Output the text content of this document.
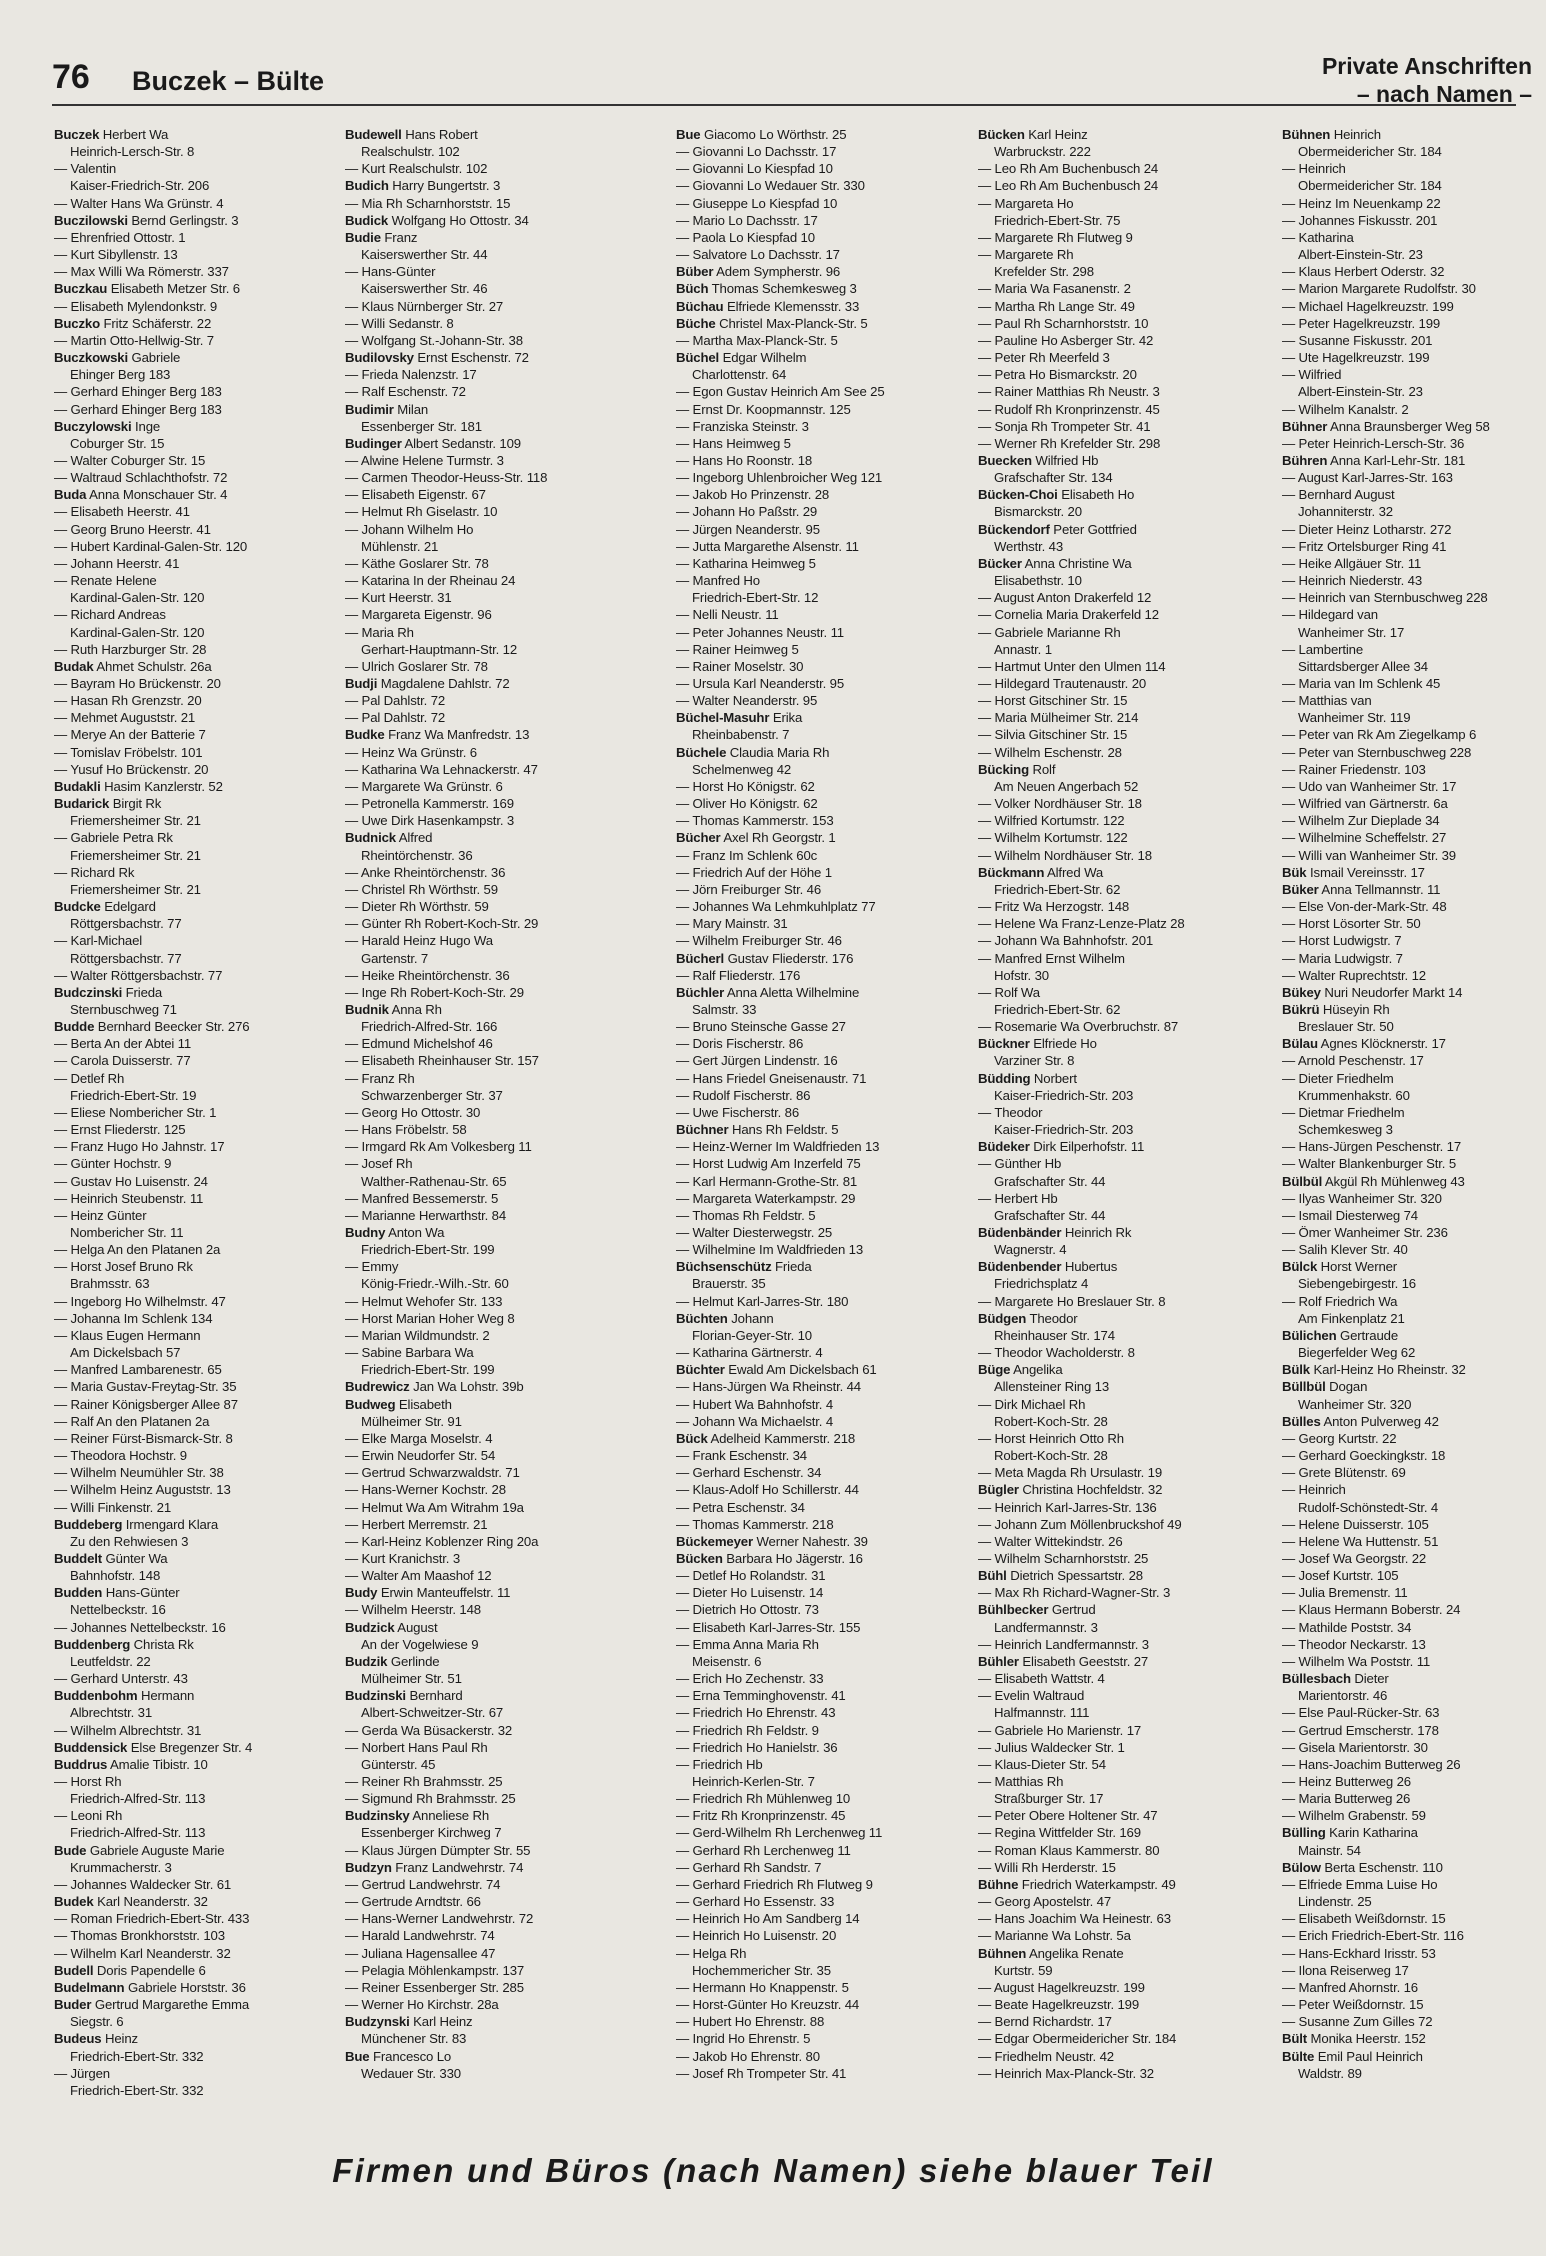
76 Buczek – Bülte	Private Anschriften
– nach Namen –
Buczek Herbert Wa
Heinrich-Lersch-Str. 8
— Valentin
Kaiser-Friedrich-Str. 206
— Walter Hans Wa Grünstr. 4
Buczilowski Bernd Gerlingstr. 3
— Ehrenfried Ottostr. 1
— Kurt Sibyllenstr. 13
— Max Willi Wa Römerstr. 337
Buczkau Elisabeth Metzer Str. 6
— Elisabeth Mylendonkstr. 9
Buczko Fritz Schäferstr. 22
— Martin Otto-Hellwig-Str. 7
Buczkowski Gabriele
Ehinger Berg 183
— Gerhard Ehinger Berg 183
— Gerhard Ehinger Berg 183
Buczylowski Inge
Coburger Str. 15
— Walter Coburger Str. 15
— Waltraud Schlachthofstr. 72
Buda Anna Monschauer Str. 4
— Elisabeth Heerstr. 41
— Georg Bruno Heerstr. 41
— Hubert Kardinal-Galen-Str. 120
— Johann Heerstr. 41
— Renate Helene
Kardinal-Galen-Str. 120
— Richard Andreas
Kardinal-Galen-Str. 120
— Ruth Harzburger Str. 28
Budak Ahmet Schulstr. 26a
— Bayram Ho Brückenstr. 20
— Hasan Rh Grenzstr. 20
— Mehmet Auguststr. 21
— Merye An der Batterie 7
— Tomislav Fröbelstr. 101
— Yusuf Ho Brückenstr. 20
Budakli Hasim Kanzlerstr. 52
Budarick Birgit Rk
Friemersheimer Str. 21
— Gabriele Petra Rk
Friemersheimer Str. 21
— Richard Rk
Friemersheimer Str. 21
Budcke Edelgard
Röttgersbachstr. 77
— Karl-Michael
Röttgersbachstr. 77
— Walter Röttgersbachstr. 77
Budczinski Frieda
Sternbuschweg 71
Budde Bernhard Beecker Str. 276
— Berta An der Abtei 11
— Carola Duisserstr. 77
— Detlef Rh
Friedrich-Ebert-Str. 19
— Eliese Nombericher Str. 1
— Ernst Fliederstr. 125
— Franz Hugo Ho Jahnstr. 17
— Günter Hochstr. 9
— Gustav Ho Luisenstr. 24
— Heinrich Steubenstr. 11
— Heinz Günter
Nombericher Str. 11
— Helga An den Platanen 2a
— Horst Josef Bruno Rk
Brahmsstr. 63
— Ingeborg Ho Wilhelmstr. 47
— Johanna Im Schlenk 134
— Klaus Eugen Hermann
Am Dickelsbach 57
— Manfred Lambarenestr. 65
— Maria Gustav-Freytag-Str. 35
— Rainer Königsberger Allee 87
— Ralf An den Platanen 2a
— Reiner Fürst-Bismarck-Str. 8
— Theodora Hochstr. 9
— Wilhelm Neumühler Str. 38
— Wilhelm Heinz Auguststr. 13
— Willi Finkenstr. 21
Buddeberg Irmengard Klara
Zu den Rehwiesen 3
Buddelt Günter Wa
Bahnhofstr. 148
Budden Hans-Günter
Nettelbeckstr. 16
— Johannes Nettelbeckstr. 16
Buddenberg Christa Rk
Leutfeldstr. 22
— Gerhard Unterstr. 43
Buddenbohm Hermann
Albrechtstr. 31
— Wilhelm Albrechtstr. 31
Buddensick Else Bregenzer Str. 4
Buddrus Amalie Tibistr. 10
— Horst Rh
Friedrich-Alfred-Str. 113
— Leoni Rh
Friedrich-Alfred-Str. 113
Bude Gabriele Auguste Marie
Krummacherstr. 3
— Johannes Waldecker Str. 61
Budek Karl Neanderstr. 32
— Roman Friedrich-Ebert-Str. 433
— Thomas Bronkhorststr. 103
— Wilhelm Karl Neanderstr. 32
Budell Doris Papendelle 6
Budelmann Gabriele Horststr. 36
Buder Gertrud Margarethe Emma
Siegstr. 6
Budeus Heinz
Friedrich-Ebert-Str. 332
— Jürgen
Friedrich-Ebert-Str. 332
Budewell Hans Robert
Realschulstr. 102
— Kurt Realschulstr. 102
Budich Harry Bungertstr. 3
— Mia Rh Scharnhorststr. 15
Budick Wolfgang Ho Ottostr. 34
Budie Franz
Kaiserswerther Str. 44
— Hans-Günter
Kaiserswerther Str. 46
— Klaus Nürnberger Str. 27
— Willi Sedanstr. 8
— Wolfgang St.-Johann-Str. 38
Budilovsky Ernst Eschenstr. 72
— Frieda Nalenzstr. 17
— Ralf Eschenstr. 72
Budimir Milan
Essenberger Str. 181
Budinger Albert Sedanstr. 109
— Alwine Helene Turmstr. 3
— Carmen Theodor-Heuss-Str. 118
— Elisabeth Eigenstr. 67
— Helmut Rh Giselastr. 10
— Johann Wilhelm Ho
Mühlenstr. 21
— Käthe Goslarer Str. 78
— Katarina In der Rheinau 24
— Kurt Heerstr. 31
— Margareta Eigenstr. 96
— Maria Rh
Gerhart-Hauptmann-Str. 12
— Ulrich Goslarer Str. 78
Budji Magdalene Dahlstr. 72
— Pal Dahlstr. 72
— Pal Dahlstr. 72
Budke Franz Wa Manfredstr. 13
— Heinz Wa Grünstr. 6
— Katharina Wa Lehnackerstr. 47
— Margarete Wa Grünstr. 6
— Petronella Kammerstr. 169
— Uwe Dirk Hasenkampstr. 3
Budnick Alfred
Rheintörchenstr. 36
— Anke Rheintörchenstr. 36
— Christel Rh Wörthstr. 59
— Dieter Rh Wörthstr. 59
— Günter Rh Robert-Koch-Str. 29
— Harald Heinz Hugo Wa
Gartenstr. 7
— Heike Rheintörchenstr. 36
— Inge Rh Robert-Koch-Str. 29
Budnik Anna Rh
Friedrich-Alfred-Str. 166
— Edmund Michelshof 46
— Elisabeth Rheinhauser Str. 157
— Franz Rh
Schwarzenberger Str. 37
— Georg Ho Ottostr. 30
— Hans Fröbelstr. 58
— Irmgard Rk Am Volkesberg 11
— Josef Rh
Walther-Rathenau-Str. 65
— Manfred Bessemerstr. 5
— Marianne Herwarthstr. 84
Budny Anton Wa
Friedrich-Ebert-Str. 199
— Emmy
König-Friedr.-Wilh.-Str. 60
— Helmut Wehofer Str. 133
— Horst Marian Hoher Weg 8
— Marian Wildmundstr. 2
— Sabine Barbara Wa
Friedrich-Ebert-Str. 199
Budrewicz Jan Wa Lohstr. 39b
Budweg Elisabeth
Mülheimer Str. 91
— Elke Marga Moselstr. 4
— Erwin Neudorfer Str. 54
— Gertrud Schwarzwaldstr. 71
— Hans-Werner Kochstr. 28
— Helmut Wa Am Witrahm 19a
— Herbert Merremstr. 21
— Karl-Heinz Koblenzer Ring 20a
— Kurt Kranichstr. 3
— Walter Am Maashof 12
Budy Erwin Manteuffelstr. 11
— Wilhelm Heerstr. 148
Budzick August
An der Vogelwiese 9
Budzik Gerlinde
Mülheimer Str. 51
Budzinski Bernhard
Albert-Schweitzer-Str. 67
— Gerda Wa Büsackerstr. 32
— Norbert Hans Paul Rh
Günterstr. 45
— Reiner Rh Brahmsstr. 25
— Sigmund Rh Brahmsstr. 25
Budzinsky Anneliese Rh
Essenberger Kirchweg 7
— Klaus Jürgen Dümpter Str. 55
Budzyn Franz Landwehrstr. 74
— Gertrud Landwehrstr. 74
— Gertrude Arndtstr. 66
— Hans-Werner Landwehrstr. 72
— Harald Landwehrstr. 74
— Juliana Hagensallee 47
— Pelagia Möhlenkampstr. 137
— Reiner Essenberger Str. 285
— Werner Ho Kirchstr. 28a
Budzynski Karl Heinz
Münchener Str. 83
Bue Francesco Lo
Wedauer Str. 330
Bue Giacomo Lo Wörthstr. 25
— Giovanni Lo Dachsstr. 17
— Giovanni Lo Kiespfad 10
— Giovanni Lo Wedauer Str. 330
— Giuseppe Lo Kiespfad 10
— Mario Lo Dachsstr. 17
— Paola Lo Kiespfad 10
— Salvatore Lo Dachsstr. 17
Büber Adem Sympherstr. 96
Büch Thomas Schemkesweg 3
Büchau Elfriede Klemensstr. 33
Büche Christel Max-Planck-Str. 5
— Martha Max-Planck-Str. 5
Büchel Edgar Wilhelm
Charlottenstr. 64
— Egon Gustav Heinrich Am See 25
— Ernst Dr. Koopmannstr. 125
— Franziska Steinstr. 3
— Hans Heimweg 5
— Hans Ho Roonstr. 18
— Ingeborg Uhlenbroicher Weg 121
— Jakob Ho Prinzenstr. 28
— Johann Ho Paßstr. 29
— Jürgen Neanderstr. 95
— Jutta Margarethe Alsenstr. 11
— Katharina Heimweg 5
— Manfred Ho
Friedrich-Ebert-Str. 12
— Nelli Neustr. 11
— Peter Johannes Neustr. 11
— Rainer Heimweg 5
— Rainer Moselstr. 30
— Ursula Karl Neanderstr. 95
— Walter Neanderstr. 95
Büchel-Masuhr Erika
Rheinbabenstr. 7
Büchele Claudia Maria Rh
Schelmenweg 42
— Horst Ho Königstr. 62
— Oliver Ho Königstr. 62
— Thomas Kammerstr. 153
Bücher Axel Rh Georgstr. 1
— Franz Im Schlenk 60c
— Friedrich Auf der Höhe 1
— Jörn Freiburger Str. 46
— Johannes Wa Lehmkuhlplatz 77
— Mary Mainstr. 31
— Wilhelm Freiburger Str. 46
Bücherl Gustav Fliederstr. 176
— Ralf Fliederstr. 176
Büchler Anna Aletta Wilhelmine
Salmstr. 33
— Bruno Steinsche Gasse 27
— Doris Fischerstr. 86
— Gert Jürgen Lindenstr. 16
— Hans Friedel Gneisenaustr. 71
— Rudolf Fischerstr. 86
— Uwe Fischerstr. 86
Büchner Hans Rh Feldstr. 5
— Heinz-Werner Im Waldfrieden 13
— Horst Ludwig Am Inzerfeld 75
— Karl Hermann-Grothe-Str. 81
— Margareta Waterkampstr. 29
— Thomas Rh Feldstr. 5
— Walter Diesterwegstr. 25
— Wilhelmine Im Waldfrieden 13
Büchsenschütz Frieda
Brauerstr. 35
— Helmut Karl-Jarres-Str. 180
Büchten Johann
Florian-Geyer-Str. 10
— Katharina Gärtnerstr. 4
Büchter Ewald Am Dickelsbach 61
— Hans-Jürgen Wa Rheinstr. 44
— Hubert Wa Bahnhofstr. 4
— Johann Wa Michaelstr. 4
Bück Adelheid Kammerstr. 218
— Frank Eschenstr. 34
— Gerhard Eschenstr. 34
— Klaus-Adolf Ho Schillerstr. 44
— Petra Eschenstr. 34
— Thomas Kammerstr. 218
Bückemeyer Werner Nahestr. 39
Bücken Barbara Ho Jägerstr. 16
— Detlef Ho Rolandstr. 31
— Dieter Ho Luisenstr. 14
— Dietrich Ho Ottostr. 73
— Elisabeth Karl-Jarres-Str. 155
— Emma Anna Maria Rh
Meisenstr. 6
— Erich Ho Zechenstr. 33
— Erna Temminghovenstr. 41
— Friedrich Ho Ehrenstr. 43
— Friedrich Rh Feldstr. 9
— Friedrich Ho Hanielstr. 36
— Friedrich Hb
Heinrich-Kerlen-Str. 7
— Friedrich Rh Mühlenweg 10
— Fritz Rh Kronprinzenstr. 45
— Gerd-Wilhelm Rh Lerchenweg 11
— Gerhard Rh Lerchenweg 11
— Gerhard Rh Sandstr. 7
— Gerhard Friedrich Rh Flutweg 9
— Gerhard Ho Essenstr. 33
— Heinrich Ho Am Sandberg 14
— Heinrich Ho Luisenstr. 20
— Helga Rh
Hochemmericher Str. 35
— Hermann Ho Knappenstr. 5
— Horst-Günter Ho Kreuzstr. 44
— Hubert Ho Ehrenstr. 88
— Ingrid Ho Ehrenstr. 5
— Jakob Ho Ehrenstr. 80
— Josef Rh Trompeter Str. 41
Bücken Karl Heinz
Warbruckstr. 222
— Leo Rh Am Buchenbusch 24
— Leo Rh Am Buchenbusch 24
— Margareta Ho
Friedrich-Ebert-Str. 75
— Margarete Rh Flutweg 9
— Margarete Rh
Krefelder Str. 298
— Maria Wa Fasanenstr. 2
— Martha Rh Lange Str. 49
— Paul Rh Scharnhorststr. 10
— Pauline Ho Asberger Str. 42
— Peter Rh Meerfeld 3
— Petra Ho Bismarckstr. 20
— Rainer Matthias Rh Neustr. 3
— Rudolf Rh Kronprinzenstr. 45
— Sonja Rh Trompeter Str. 41
— Werner Rh Krefelder Str. 298
Buecken Wilfried Hb
Grafschafter Str. 134
Bücken-Choi Elisabeth Ho
Bismarckstr. 20
Bückendorf Peter Gottfried
Werthstr. 43
Bücker Anna Christine Wa
Elisabethstr. 10
— August Anton Drakerfeld 12
— Cornelia Maria Drakerfeld 12
— Gabriele Marianne Rh
Annastr. 1
— Hartmut Unter den Ulmen 114
— Hildegard Trautenaustr. 20
— Horst Gitschiner Str. 15
— Maria Mülheimer Str. 214
— Silvia Gitschiner Str. 15
— Wilhelm Eschenstr. 28
Bücking Rolf
Am Neuen Angerbach 52
— Volker Nordhäuser Str. 18
— Wilfried Kortumstr. 122
— Wilhelm Kortumstr. 122
— Wilhelm Nordhäuser Str. 18
Bückmann Alfred Wa
Friedrich-Ebert-Str. 62
— Fritz Wa Herzogstr. 148
— Helene Wa Franz-Lenze-Platz 28
— Johann Wa Bahnhofstr. 201
— Manfred Ernst Wilhelm
Hofstr. 30
— Rolf Wa
Friedrich-Ebert-Str. 62
— Rosemarie Wa Overbruchstr. 87
Bückner Elfriede Ho
Varziner Str. 8
Büdding Norbert
Kaiser-Friedrich-Str. 203
— Theodor
Kaiser-Friedrich-Str. 203
Büdeker Dirk Eilperhofstr. 11
— Günther Hb
Grafschafter Str. 44
— Herbert Hb
Grafschafter Str. 44
Büdenbänder Heinrich Rk
Wagnerstr. 4
Büdenbender Hubertus
Friedrichsplatz 4
— Margarete Ho Breslauer Str. 8
Büdgen Theodor
Rheinhauser Str. 174
— Theodor Wacholderstr. 8
Büge Angelika
Allensteiner Ring 13
— Dirk Michael Rh
Robert-Koch-Str. 28
— Horst Heinrich Otto Rh
Robert-Koch-Str. 28
— Meta Magda Rh Ursulastr. 19
Bügler Christina Hochfeldstr. 32
— Heinrich Karl-Jarres-Str. 136
— Johann Zum Möllenbruckshof 49
— Walter Wittekindstr. 26
— Wilhelm Scharnhorststr. 25
Bühl Dietrich Spessartstr. 28
— Max Rh Richard-Wagner-Str. 3
Bühlbecker Gertrud
Landfermannstr. 3
— Heinrich Landfermannstr. 3
Bühler Elisabeth Geeststr. 27
— Elisabeth Wattstr. 4
— Evelin Waltraud
Halfmannstr. 111
— Gabriele Ho Marienstr. 17
— Julius Waldecker Str. 1
— Klaus-Dieter Str. 54
— Matthias Rh
Straßburger Str. 17
— Peter Obere Holtener Str. 47
— Regina Wittfelder Str. 169
— Roman Klaus Kammerstr. 80
— Willi Rh Herderstr. 15
Bühne Friedrich Waterkampstr. 49
— Georg Apostelstr. 47
— Hans Joachim Wa Heinestr. 63
— Marianne Wa Lohstr. 5a
Bühnen Angelika Renate
Kurtstr. 59
— August Hagelkreuzstr. 199
— Beate Hagelkreuzstr. 199
— Bernd Richardstr. 17
— Edgar Obermeidericher Str. 184
— Friedhelm Neustr. 42
— Heinrich Max-Planck-Str. 32
Bühnen Heinrich
Obermeidericher Str. 184
— Heinrich
Obermeidericher Str. 184
— Heinz Im Neuenkamp 22
— Johannes Fiskusstr. 201
— Katharina
Albert-Einstein-Str. 23
— Klaus Herbert Oderstr. 32
— Marion Margarete Rudolfstr. 30
— Michael Hagelkreuzstr. 199
— Peter Hagelkreuzstr. 199
— Susanne Fiskusstr. 201
— Ute Hagelkreuzstr. 199
— Wilfried
Albert-Einstein-Str. 23
— Wilhelm Kanalstr. 2
Bühner Anna Braunsberger Weg 58
— Peter Heinrich-Lersch-Str. 36
Bühren Anna Karl-Lehr-Str. 181
— August Karl-Jarres-Str. 163
— Bernhard August
Johanniterstr. 32
— Dieter Heinz Lotharstr. 272
— Fritz Ortelsburger Ring 41
— Heike Allgäuer Str. 11
— Heinrich Niederstr. 43
— Heinrich van Sternbuschweg 228
— Hildegard van
Wanheimer Str. 17
— Lambertine
Sittardsberger Allee 34
— Maria van Im Schlenk 45
— Matthias van
Wanheimer Str. 119
— Peter van Rk Am Ziegelkamp 6
— Peter van Sternbuschweg 228
— Rainer Friedenstr. 103
— Udo van Wanheimer Str. 17
— Wilfried van Gärtnerstr. 6a
— Wilhelm Zur Dieplade 34
— Wilhelmine Scheffelstr. 27
— Willi van Wanheimer Str. 39
Bük Ismail Vereinsstr. 17
Büker Anna Tellmannstr. 11
— Else Von-der-Mark-Str. 48
— Horst Lösorter Str. 50
— Horst Ludwigstr. 7
— Maria Ludwigstr. 7
— Walter Ruprechtstr. 12
Bükey Nuri Neudorfer Markt 14
Bükrü Hüseyin Rh
Breslauer Str. 50
Bülau Agnes Klöcknerstr. 17
— Arnold Peschenstr. 17
— Dieter Friedhelm
Krummenhakstr. 60
— Dietmar Friedhelm
Schemkesweg 3
— Hans-Jürgen Peschenstr. 17
— Walter Blankenburger Str. 5
Bülbül Akgül Rh Mühlenweg 43
— Ilyas Wanheimer Str. 320
— Ismail Diesterweg 74
— Ömer Wanheimer Str. 236
— Salih Klever Str. 40
Bülck Horst Werner
Siebengebirgestr. 16
— Rolf Friedrich Wa
Am Finkenplatz 21
Bülichen Gertraude
Biegerfelder Weg 62
Bülk Karl-Heinz Ho Rheinstr. 32
Büllbül Dogan
Wanheimer Str. 320
Bülles Anton Pulverweg 42
— Georg Kurtstr. 22
— Gerhard Goeckingkstr. 18
— Grete Blütenstr. 69
— Heinrich
Rudolf-Schönstedt-Str. 4
— Helene Duisserstr. 105
— Helene Wa Huttenstr. 51
— Josef Wa Georgstr. 22
— Josef Kurtstr. 105
— Julia Bremenstr. 11
— Klaus Hermann Boberstr. 24
— Mathilde Poststr. 34
— Theodor Neckarstr. 13
— Wilhelm Wa Poststr. 11
Büllesbach Dieter
Marientorstr. 46
— Else Paul-Rücker-Str. 63
— Gertrud Emscherstr. 178
— Gisela Marientorstr. 30
— Hans-Joachim Butterweg 26
— Heinz Butterweg 26
— Maria Butterweg 26
— Wilhelm Grabenstr. 59
Bülling Karin Katharina
Mainstr. 54
Bülow Berta Eschenstr. 110
— Elfriede Emma Luise Ho
Lindenstr. 25
— Elisabeth Weißdornstr. 15
— Erich Friedrich-Ebert-Str. 116
— Hans-Eckhard Irisstr. 53
— Ilona Reiserweg 17
— Manfred Ahornstr. 16
— Peter Weißdornstr. 15
— Susanne Zum Gilles 72
Bült Monika Heerstr. 152
Bülte Emil Paul Heinrich
Waldstr. 89
Firmen und Büros (nach Namen) siehe blauer Teil
